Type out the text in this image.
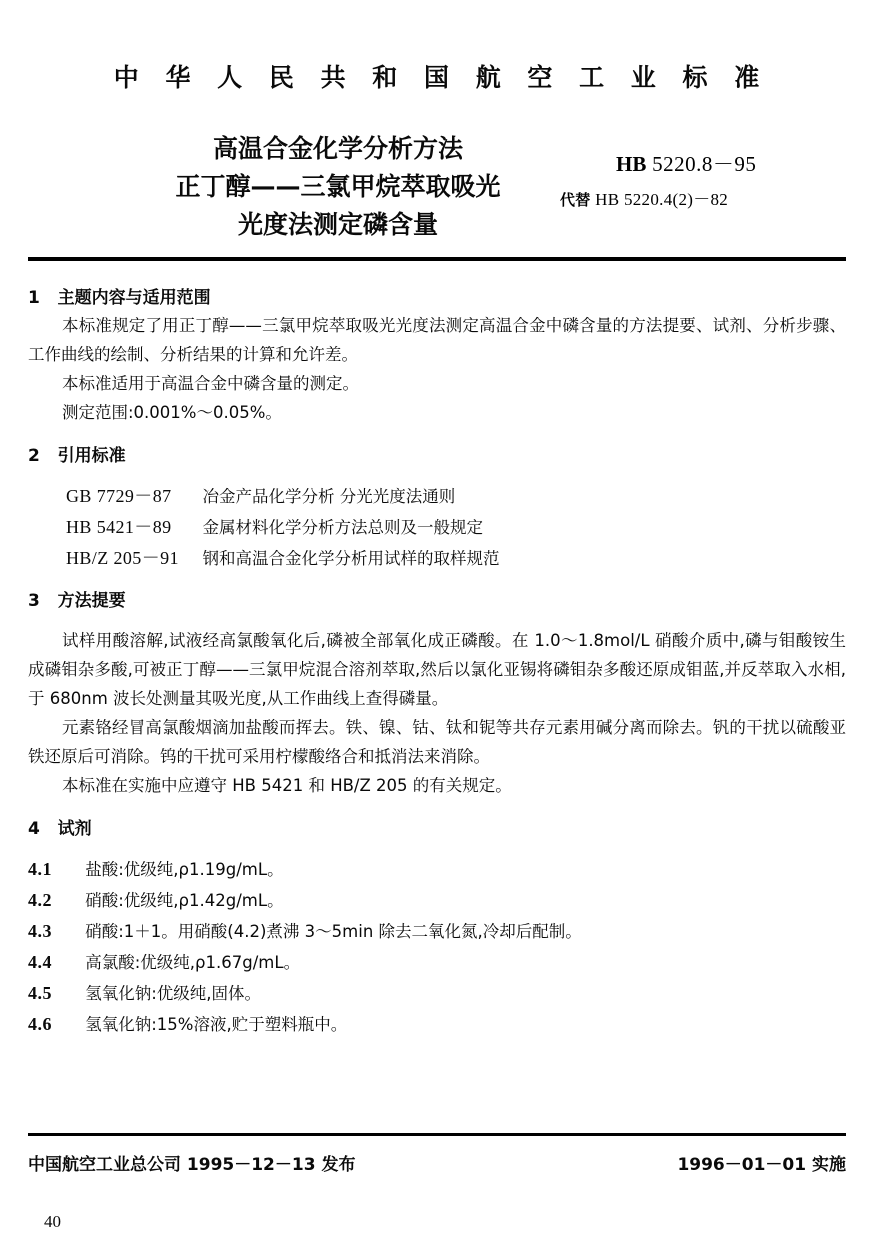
中 华 人 民 共 和 国 航 空 工 业 标 准
高温合金化学分析方法
正丁醇——三氯甲烷萃取吸光
光度法测定磷含量
HB 5220.8－95
代替 HB 5220.4(2)－82
1   主题内容与适用范围

本标准规定了用正丁醇——三氯甲烷萃取吸光光度法测定高温合金中磷含量的方法提要、试剂、分析步骤、工作曲线的绘制、分析结果的计算和允许差。

本标准适用于高温合金中磷含量的测定。

测定范围:0.001%～0.05%。

2   引用标准
GB 7729－87 冶金产品化学分析 分光光度法通则
HB 5421－89 金属材料化学分析方法总则及一般规定
HB/Z 205－91 钢和高温合金化学分析用试样的取样规范
3   方法提要

试样用酸溶解,试液经高氯酸氧化后,磷被全部氧化成正磷酸。在 1.0～1.8mol/L 硝酸介质中,磷与钼酸铵生成磷钼杂多酸,可被正丁醇——三氯甲烷混合溶剂萃取,然后以氯化亚锡将磷钼杂多酸还原成钼蓝,并反萃取入水相,于 680nm 波长处测量其吸光度,从工作曲线上查得磷量。

元素铬经冒高氯酸烟滴加盐酸而挥去。铁、镍、钴、钛和铌等共存元素用碱分离而除去。钒的干扰以硫酸亚铁还原后可消除。钨的干扰可采用柠檬酸络合和抵消法来消除。

本标准在实施中应遵守 HB 5421 和 HB/Z 205 的有关规定。

4   试剂
4.1 盐酸:优级纯,ρ1.19g/mL。
4.2 硝酸:优级纯,ρ1.42g/mL。
4.3 硝酸:1＋1。用硝酸(4.2)煮沸 3～5min 除去二氧化氮,冷却后配制。
4.4 高氯酸:优级纯,ρ1.67g/mL。
4.5 氢氧化钠:优级纯,固体。
4.6 氢氧化钠:15%溶液,贮于塑料瓶中。
中国航空工业总公司 1995－12－13 发布	1996－01－01 实施
40
